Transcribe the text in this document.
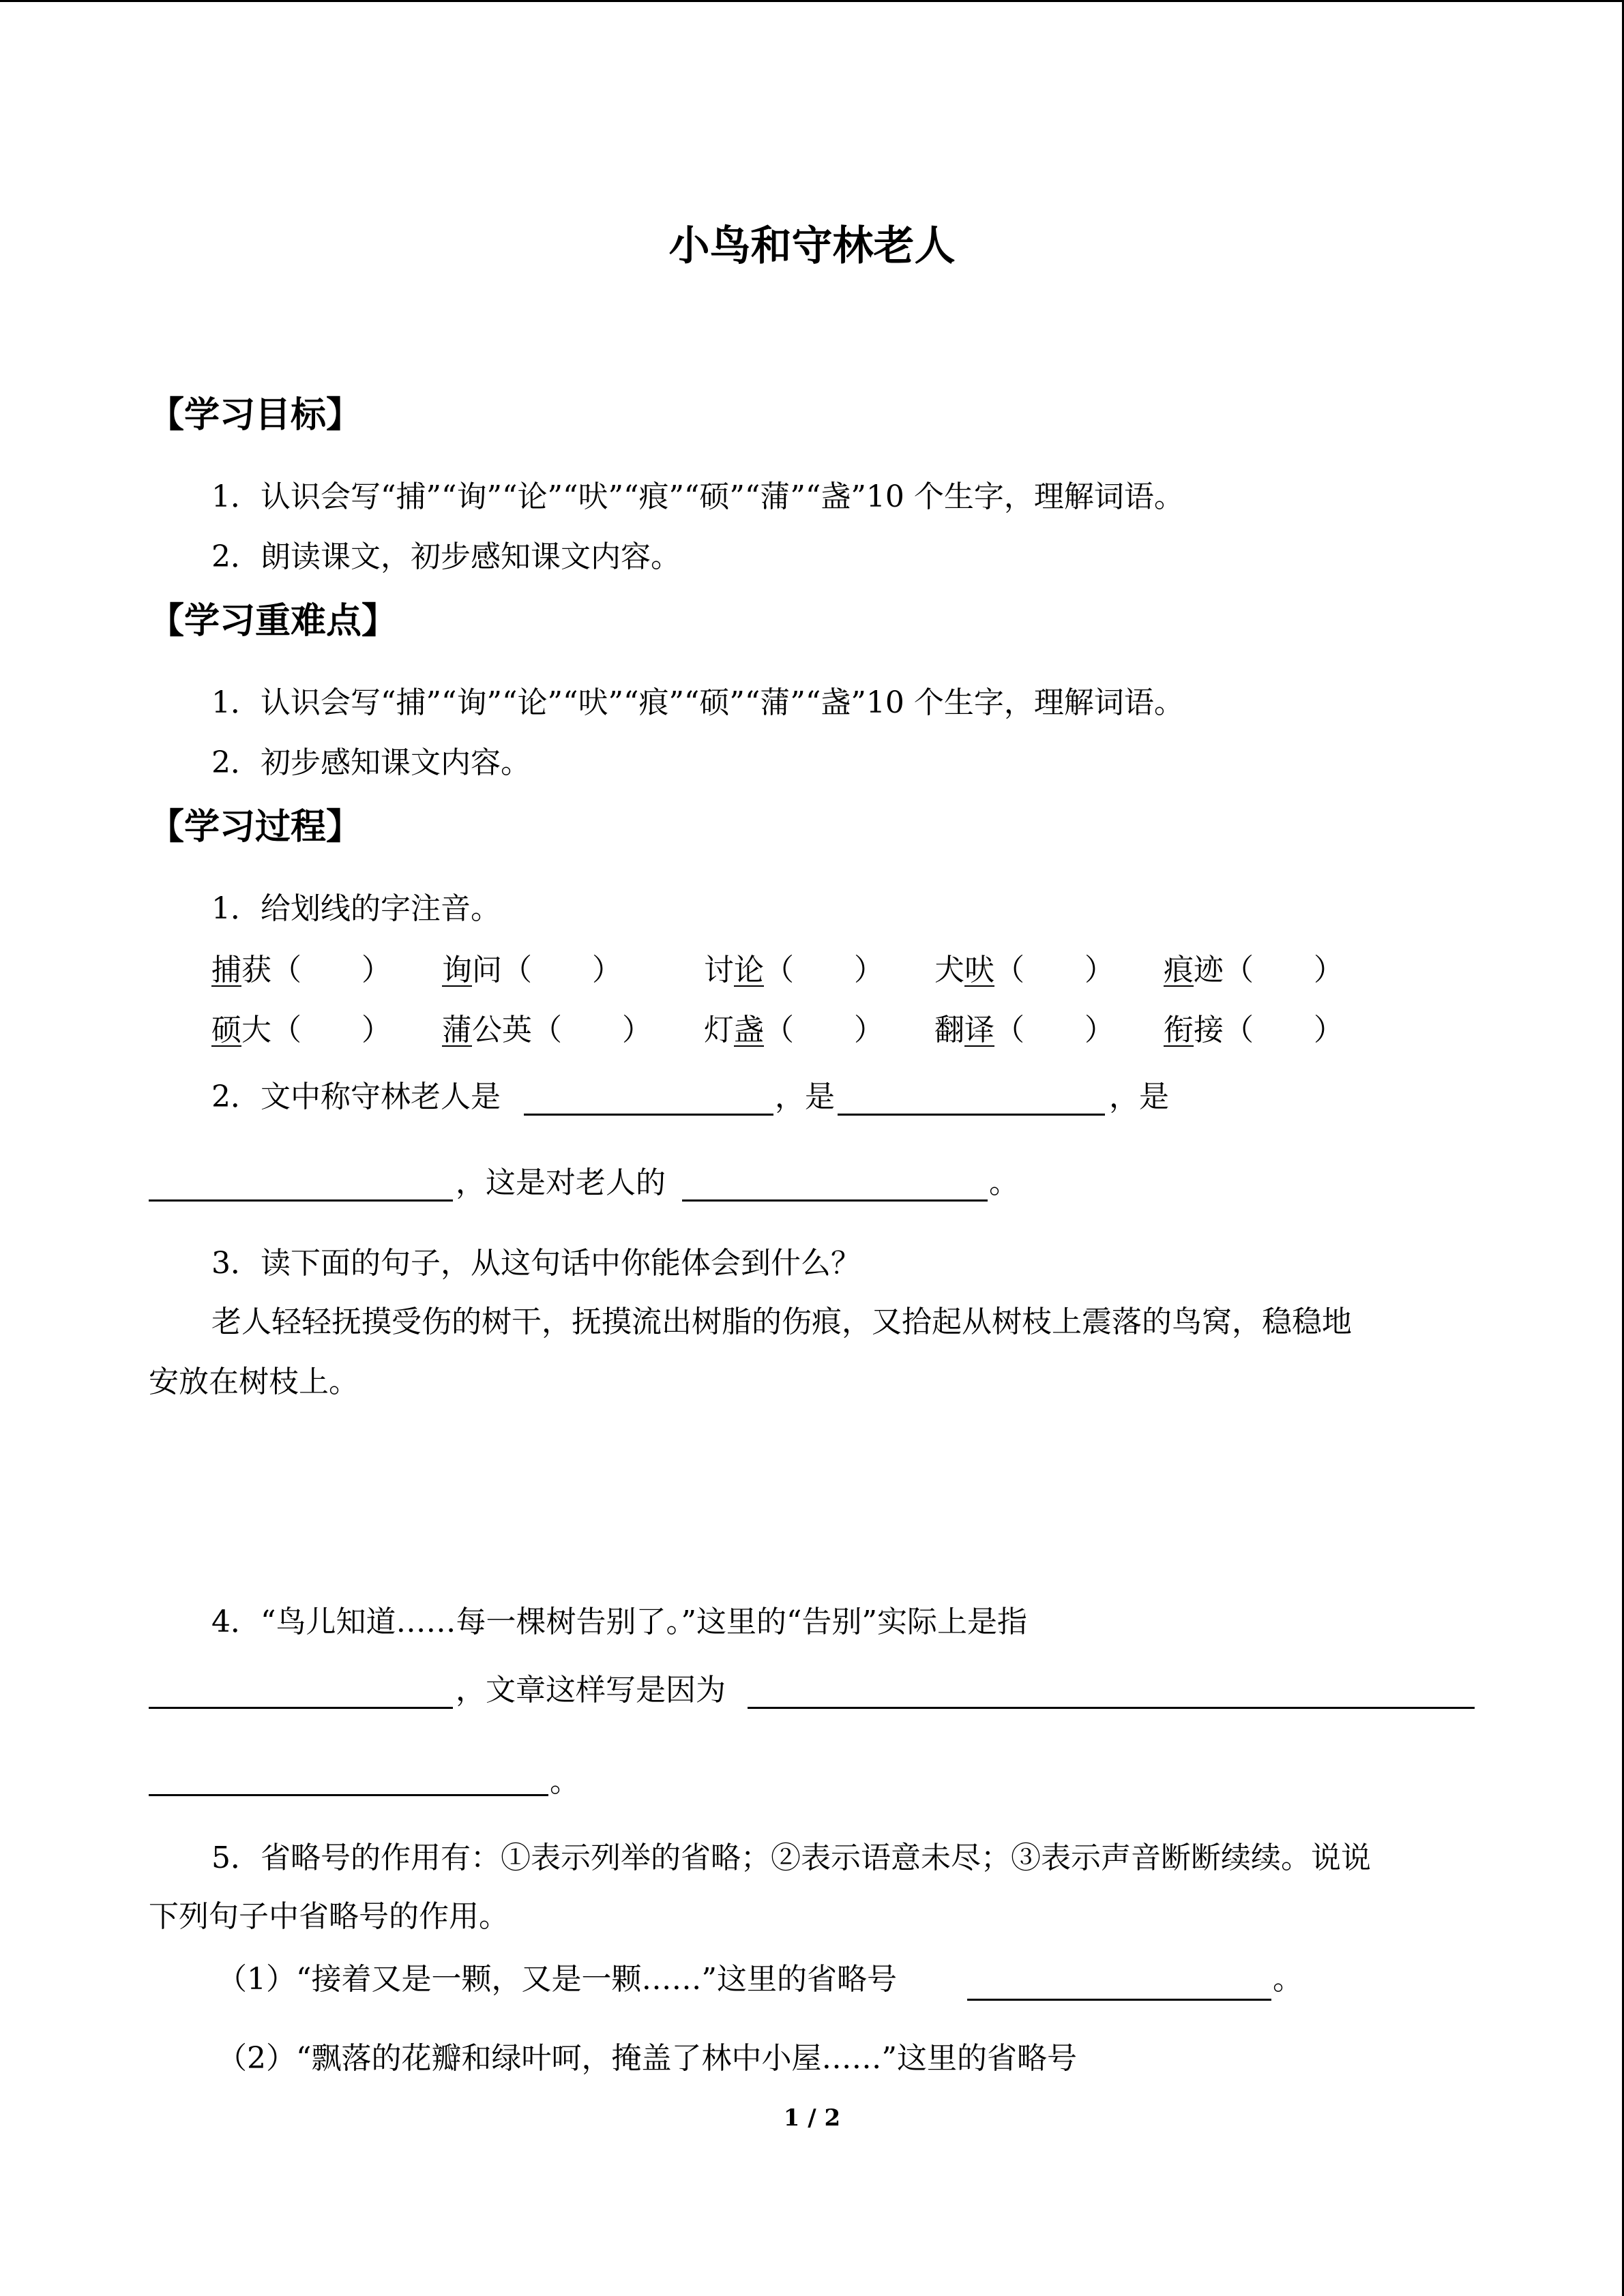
小鸟和守林老人
【学习目标】
1．认识会写“捕”“询”“论”“吠”“痕”“硕”“蒲”“盏”10 个生字，理解词语。
2．朗读课文，初步感知课文内容。
【学习重难点】
1．认识会写“捕”“询”“论”“吠”“痕”“硕”“蒲”“盏”10 个生字，理解词语。
2．初步感知课文内容。
【学习过程】
1．给划线的字注音。
捕获（　　） 询问（　　）	讨论（　　） 犬吠（　　） 痕迹（　　）
硕大（　　） 蒲公英（　　） 灯盏（　　） 翻译（　　） 衔接（　　）
2．文中称守林老人是	，是	，是
，这是对老人的	。
3．读下面的句子，从这句话中你能体会到什么？
老人轻轻抚摸受伤的树干，抚摸流出树脂的伤痕，又拾起从树枝上震落的鸟窝，稳稳地
安放在树枝上。
4．“鸟儿知道……每一棵树告别了。”这里的“告别”实际上是指
，文章这样写是因为
。
5．省略号的作用有：①表示列举的省略；②表示语意未尽；③表示声音断断续续。说说
下列句子中省略号的作用。
（1）“接着又是一颗，又是一颗……”这里的省略号	。
（2）“飘落的花瓣和绿叶呵，掩盖了林中小屋……”这里的省略号
1 / 2
